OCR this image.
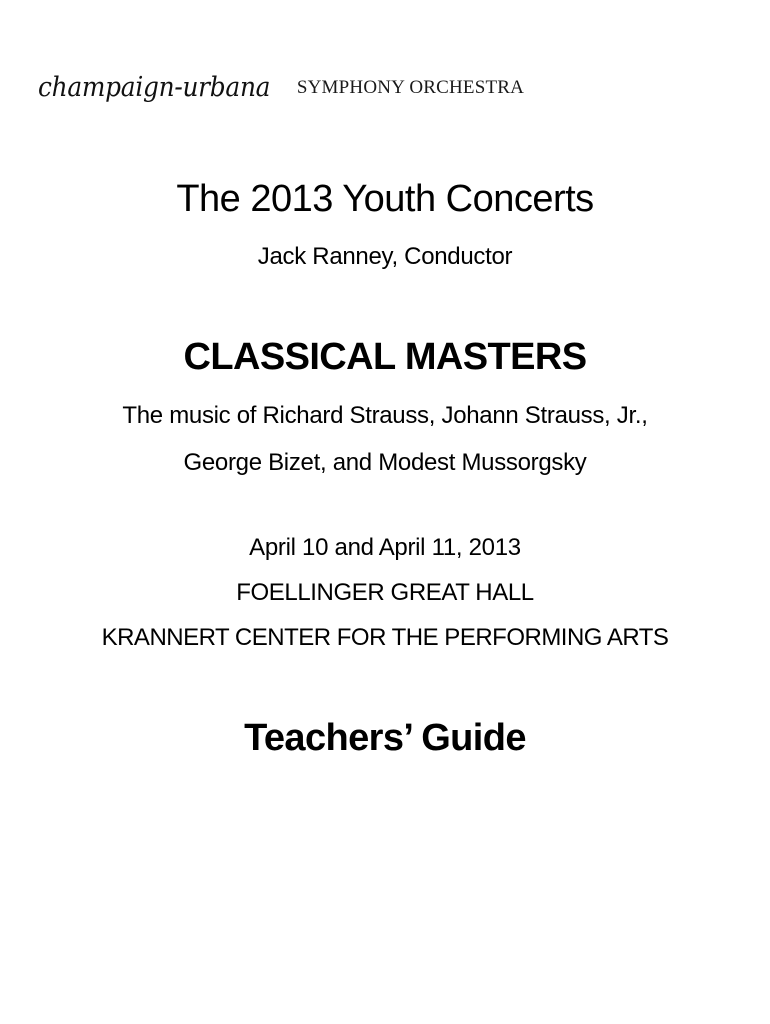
champaign-urbana SYMPHONY ORCHESTRA
The 2013 Youth Concerts
Jack Ranney, Conductor
CLASSICAL MASTERS
The music of Richard Strauss, Johann Strauss, Jr.,
George Bizet, and Modest Mussorgsky
April 10 and April 11, 2013
FOELLINGER GREAT HALL
KRANNERT CENTER FOR THE PERFORMING ARTS
Teachers’ Guide
